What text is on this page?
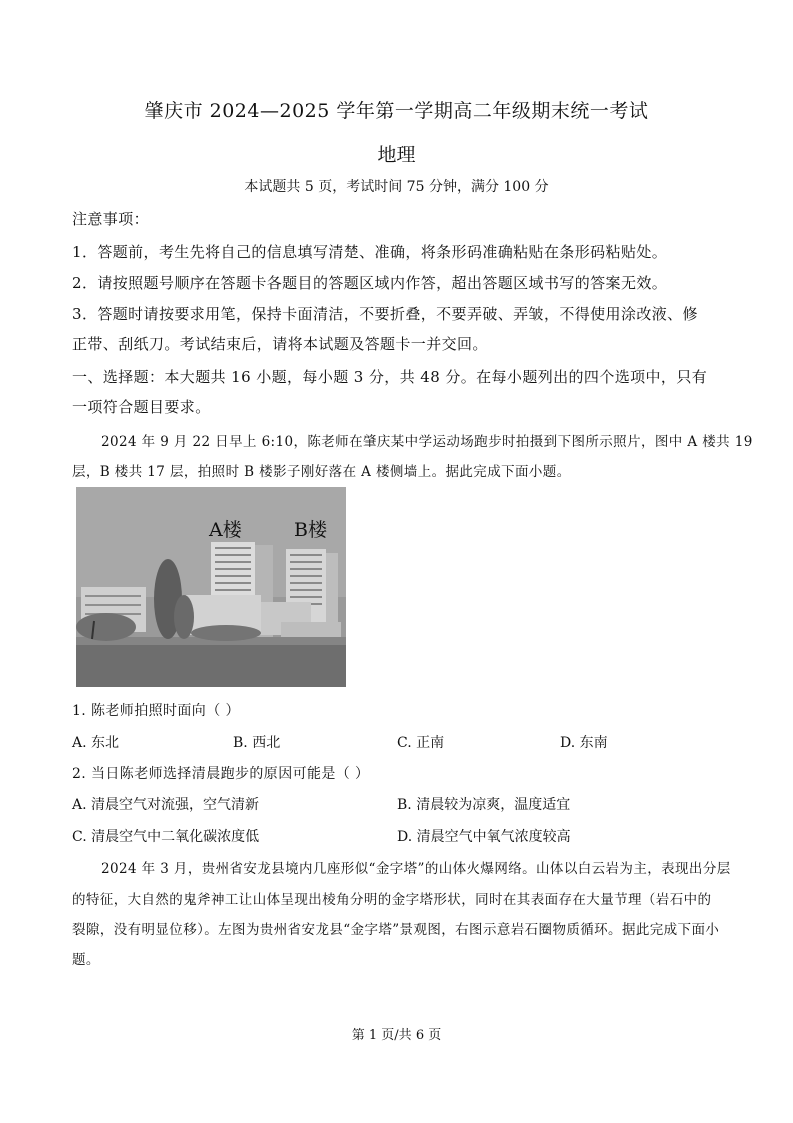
肇庆市 2024—2025 学年第一学期高二年级期末统一考试
地理
本试题共 5 页，考试时间 75 分钟，满分 100 分
注意事项：
1．答题前，考生先将自己的信息填写清楚、准确，将条形码准确粘贴在条形码粘贴处。
2．请按照题号顺序在答题卡各题目的答题区域内作答，超出答题区域书写的答案无效。
3．答题时请按要求用笔，保持卡面清洁，不要折叠，不要弄破、弄皱，不得使用涂改液、修
正带、刮纸刀。考试结束后，请将本试题及答题卡一并交回。
一、选择题：本大题共 16 小题，每小题 3 分，共 48 分。在每小题列出的四个选项中，只有
一项符合题目要求。
2024 年 9 月 22 日早上 6:10，陈老师在肇庆某中学运动场跑步时拍摄到下图所示照片，图中 A 楼共 19
层，B 楼共 17 层，拍照时 B 楼影子刚好落在 A 楼侧墙上。据此完成下面小题。
A楼	B楼
1. 陈老师拍照时面向（ ）
A. 东北	B. 西北	C. 正南	D. 东南
2. 当日陈老师选择清晨跑步的原因可能是（ ）
A. 清晨空气对流强，空气清新	B. 清晨较为凉爽，温度适宜
C. 清晨空气中二氧化碳浓度低	D. 清晨空气中氧气浓度较高
2024 年 3 月，贵州省安龙县境内几座形似“金字塔”的山体火爆网络。山体以白云岩为主，表现出分层
的特征，大自然的鬼斧神工让山体呈现出棱角分明的金字塔形状，同时在其表面存在大量节理（岩石中的
裂隙，没有明显位移）。左图为贵州省安龙县“金字塔”景观图，右图示意岩石圈物质循环。据此完成下面小
题。
第 1 页/共 6 页
